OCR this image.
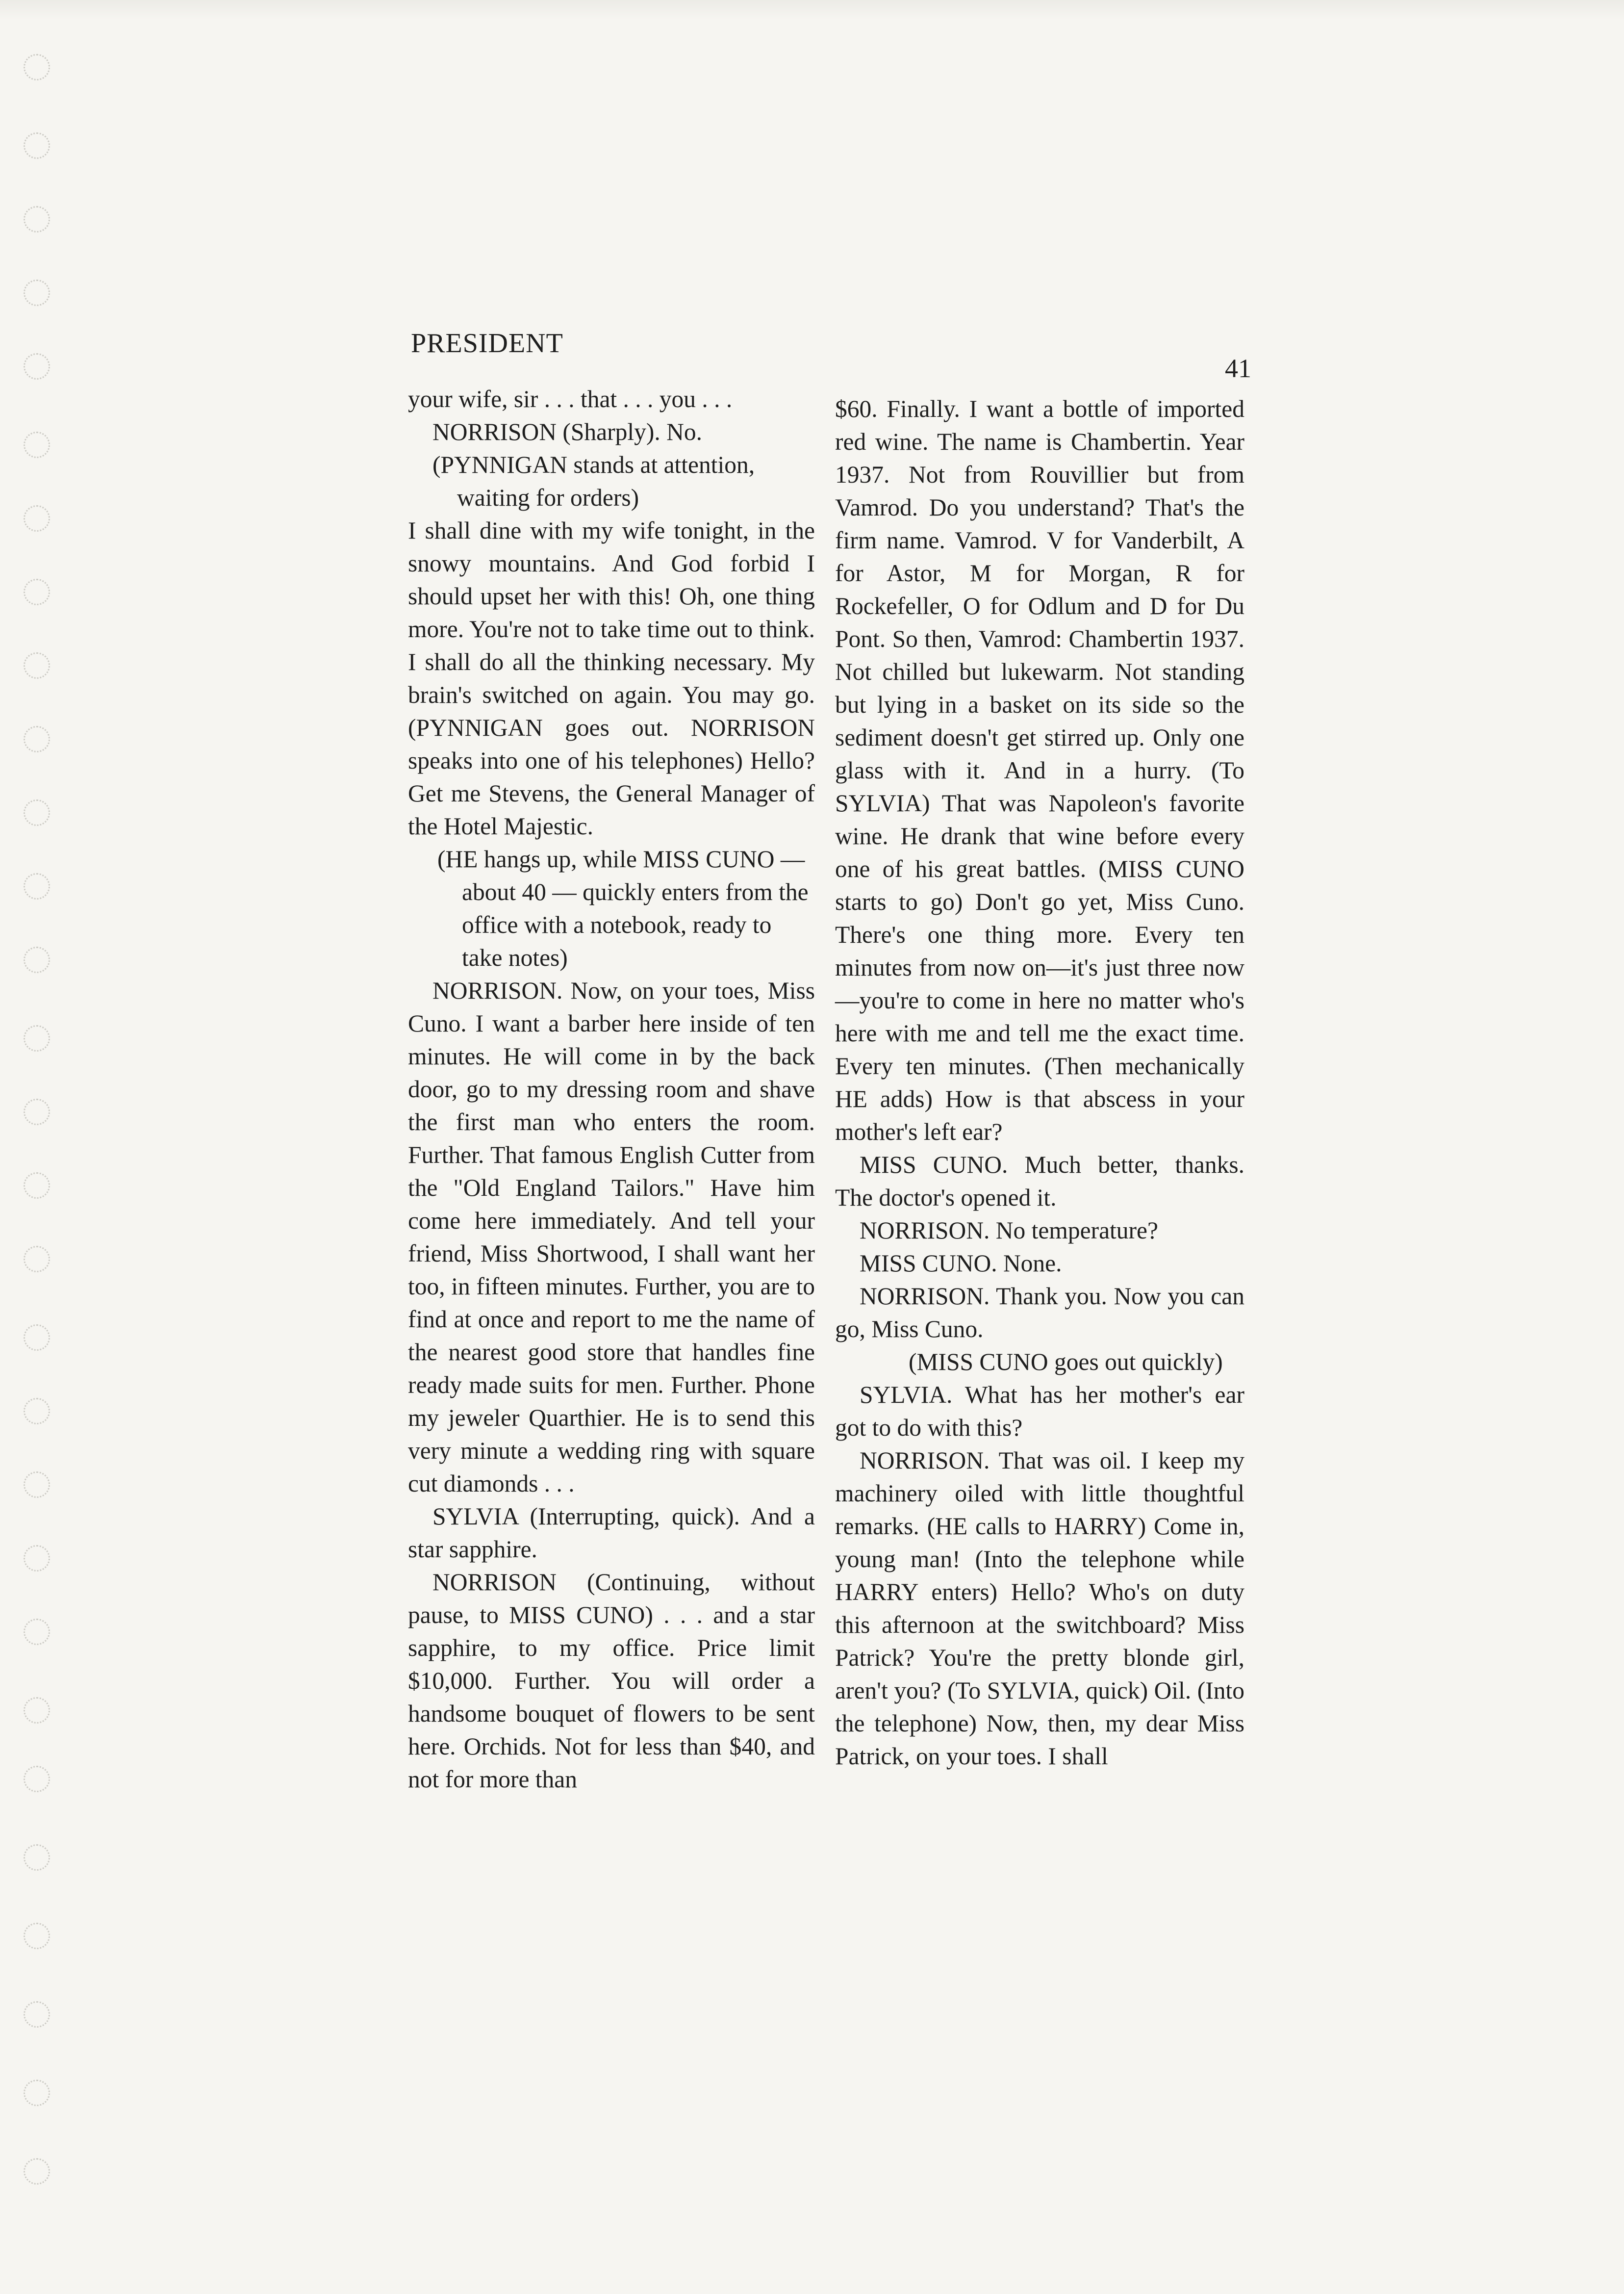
PRESIDENT
41

your wife, sir . . . that . . . you . . .

NORRISON (Sharply). No.

(PYNNIGAN stands at attention, waiting for orders)

I shall dine with my wife tonight, in the snowy mountains. And God forbid I should upset her with this! Oh, one thing more. You're not to take time out to think. I shall do all the thinking necessary. My brain's switched on again. You may go. (PYNNIGAN goes out. NORRISON speaks into one of his telephones) Hello? Get me Stevens, the General Manager of the Hotel Majestic.

(HE hangs up, while MISS CUNO — about 40 — quickly enters from the office with a notebook, ready to take notes)

NORRISON. Now, on your toes, Miss Cuno. I want a barber here inside of ten minutes. He will come in by the back door, go to my dressing room and shave the first man who enters the room. Further. That famous English Cutter from the "Old England Tailors." Have him come here immediately. And tell your friend, Miss Shortwood, I shall want her too, in fifteen minutes. Further, you are to find at once and report to me the name of the nearest good store that handles fine ready made suits for men. Further. Phone my jeweler Quarthier. He is to send this very minute a wedding ring with square cut diamonds . . .

SYLVIA (Interrupting, quick). And a star sapphire.

NORRISON (Continuing, without pause, to MISS CUNO) . . . and a star sapphire, to my office. Price limit $10,000. Further. You will order a handsome bouquet of flowers to be sent here. Orchids. Not for less than $40, and not for more than

$60. Finally. I want a bottle of imported red wine. The name is Chambertin. Year 1937. Not from Rouvillier but from Vamrod. Do you understand? That's the firm name. Vamrod. V for Vanderbilt, A for Astor, M for Morgan, R for Rockefeller, O for Odlum and D for Du Pont. So then, Vamrod: Chambertin 1937. Not chilled but lukewarm. Not standing but lying in a basket on its side so the sediment doesn't get stirred up. Only one glass with it. And in a hurry. (To SYLVIA) That was Napoleon's favorite wine. He drank that wine before every one of his great battles. (MISS CUNO starts to go) Don't go yet, Miss Cuno. There's one thing more. Every ten minutes from now on—it's just three now—you're to come in here no matter who's here with me and tell me the exact time. Every ten minutes. (Then mechanically HE adds) How is that abscess in your mother's left ear?

MISS CUNO. Much better, thanks. The doctor's opened it.

NORRISON. No temperature?

MISS CUNO. None.

NORRISON. Thank you. Now you can go, Miss Cuno.

(MISS CUNO goes out quickly)

SYLVIA. What has her mother's ear got to do with this?

NORRISON. That was oil. I keep my machinery oiled with little thoughtful remarks. (HE calls to HARRY) Come in, young man! (Into the telephone while HARRY enters) Hello? Who's on duty this afternoon at the switchboard? Miss Patrick? You're the pretty blonde girl, aren't you? (To SYLVIA, quick) Oil. (Into the telephone) Now, then, my dear Miss Patrick, on your toes. I shall
